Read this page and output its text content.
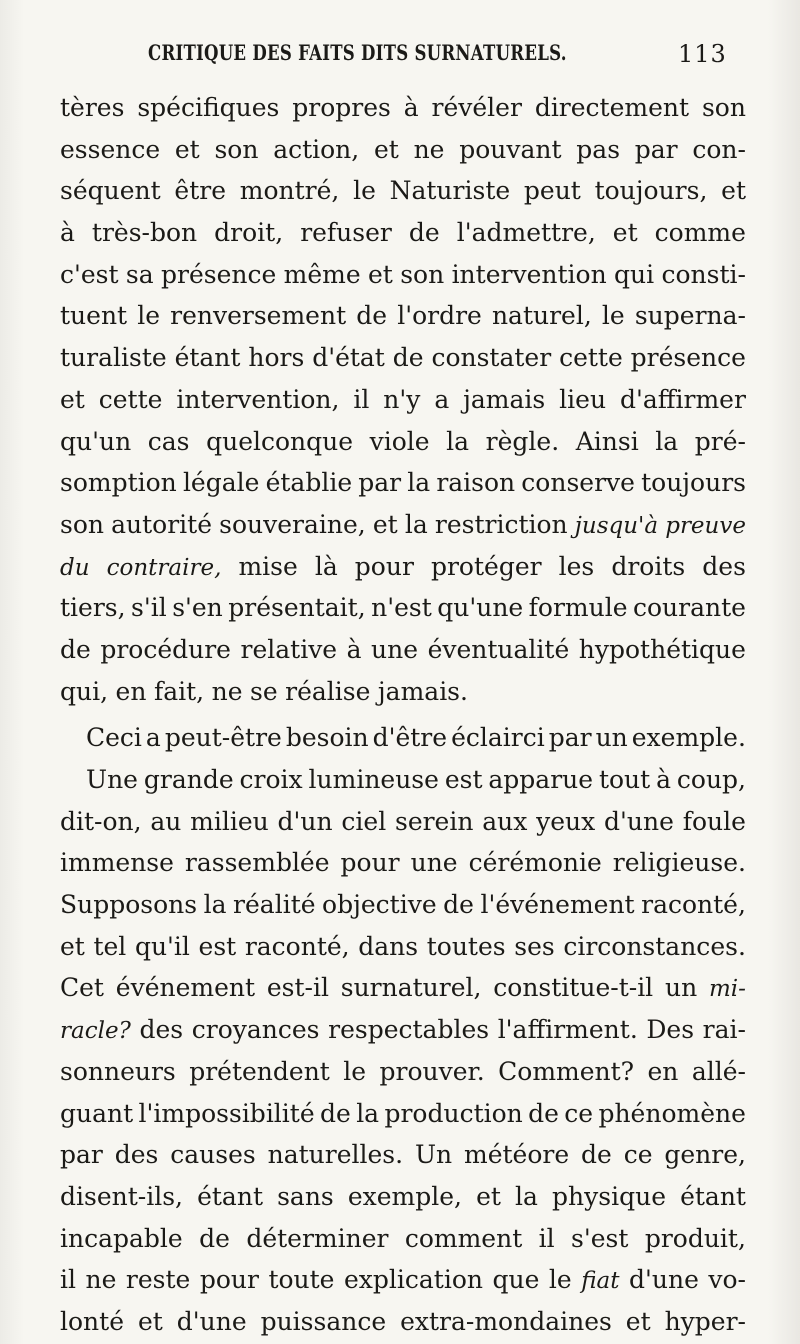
CRITIQUE DES FAITS DITS SURNATURELS.	113
tères spécifiques propres à révéler directement son
essence et son action, et ne pouvant pas par con-
séquent être montré, le Naturiste peut toujours, et
à très-bon droit, refuser de l'admettre, et comme
c'est sa présence même et son intervention qui consti-
tuent le renversement de l'ordre naturel, le superna-
turaliste étant hors d'état de constater cette présence
et cette intervention, il n'y a jamais lieu d'affirmer
qu'un cas quelconque viole la règle. Ainsi la pré-
somption légale établie par la raison conserve toujours
son autorité souveraine, et la restriction jusqu'à preuve
du contraire, mise là pour protéger les droits des
tiers, s'il s'en présentait, n'est qu'une formule courante
de procédure relative à une éventualité hypothétique
qui, en fait, ne se réalise jamais.
Ceci a peut-être besoin d'être éclairci par un exemple.
Une grande croix lumineuse est apparue tout à coup,
dit-on, au milieu d'un ciel serein aux yeux d'une foule
immense rassemblée pour une cérémonie religieuse.
Supposons la réalité objective de l'événement raconté,
et tel qu'il est raconté, dans toutes ses circonstances.
Cet événement est-il surnaturel, constitue-t-il un mi-
racle? des croyances respectables l'affirment. Des rai-
sonneurs prétendent le prouver. Comment? en allé-
guant l'impossibilité de la production de ce phénomène
par des causes naturelles. Un météore de ce genre,
disent-ils, étant sans exemple, et la physique étant
incapable de déterminer comment il s'est produit,
il ne reste pour toute explication que le fiat d'une vo-
lonté et d'une puissance extra-mondaines et hyper-
